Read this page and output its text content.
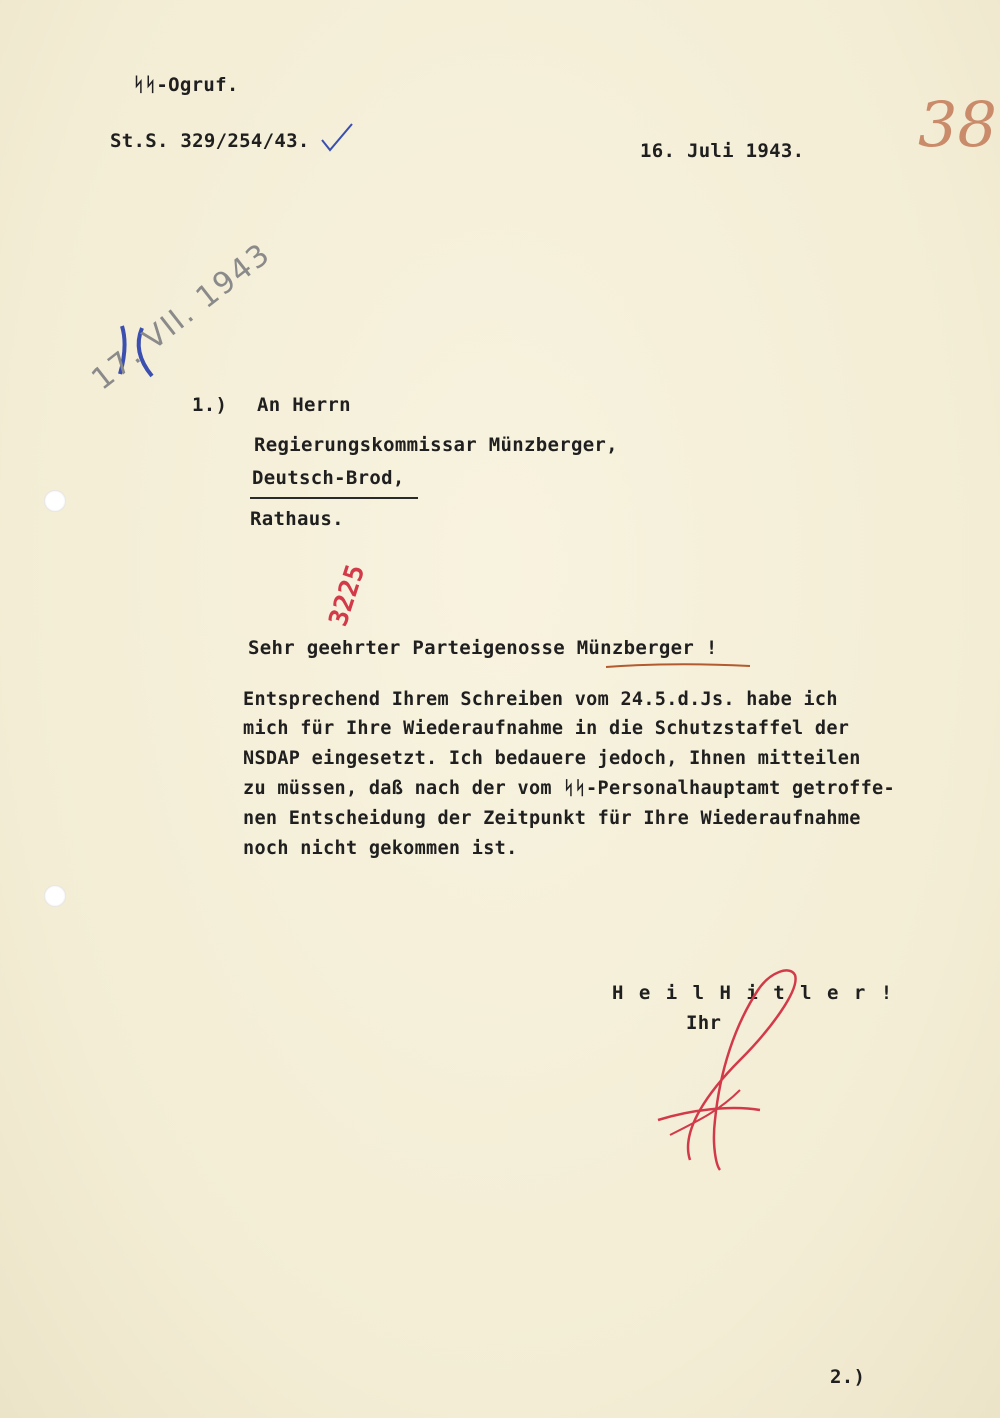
ᛋᛋ-Ogruf.
St.S. 329/254/43.	16. Juli 1943. 38
17. VII. 1943
1.) An Herrn
Regierungskommissar Münzberger,
Deutsch-Brod,
Rathaus.
3225
Sehr geehrter Parteigenosse Münzberger !
Entsprechend Ihrem Schreiben vom 24.5.d.Js. habe ich
mich für Ihre Wiederaufnahme in die Schutzstaffel der
NSDAP eingesetzt. Ich bedauere jedoch, Ihnen mitteilen
zu müssen, daß nach der vom ᛋᛋ-Personalhauptamt getroffe-
nen Entscheidung der Zeitpunkt für Ihre Wiederaufnahme
noch nicht gekommen ist.
H e i l H i t l e r !
Ihr
2.)
